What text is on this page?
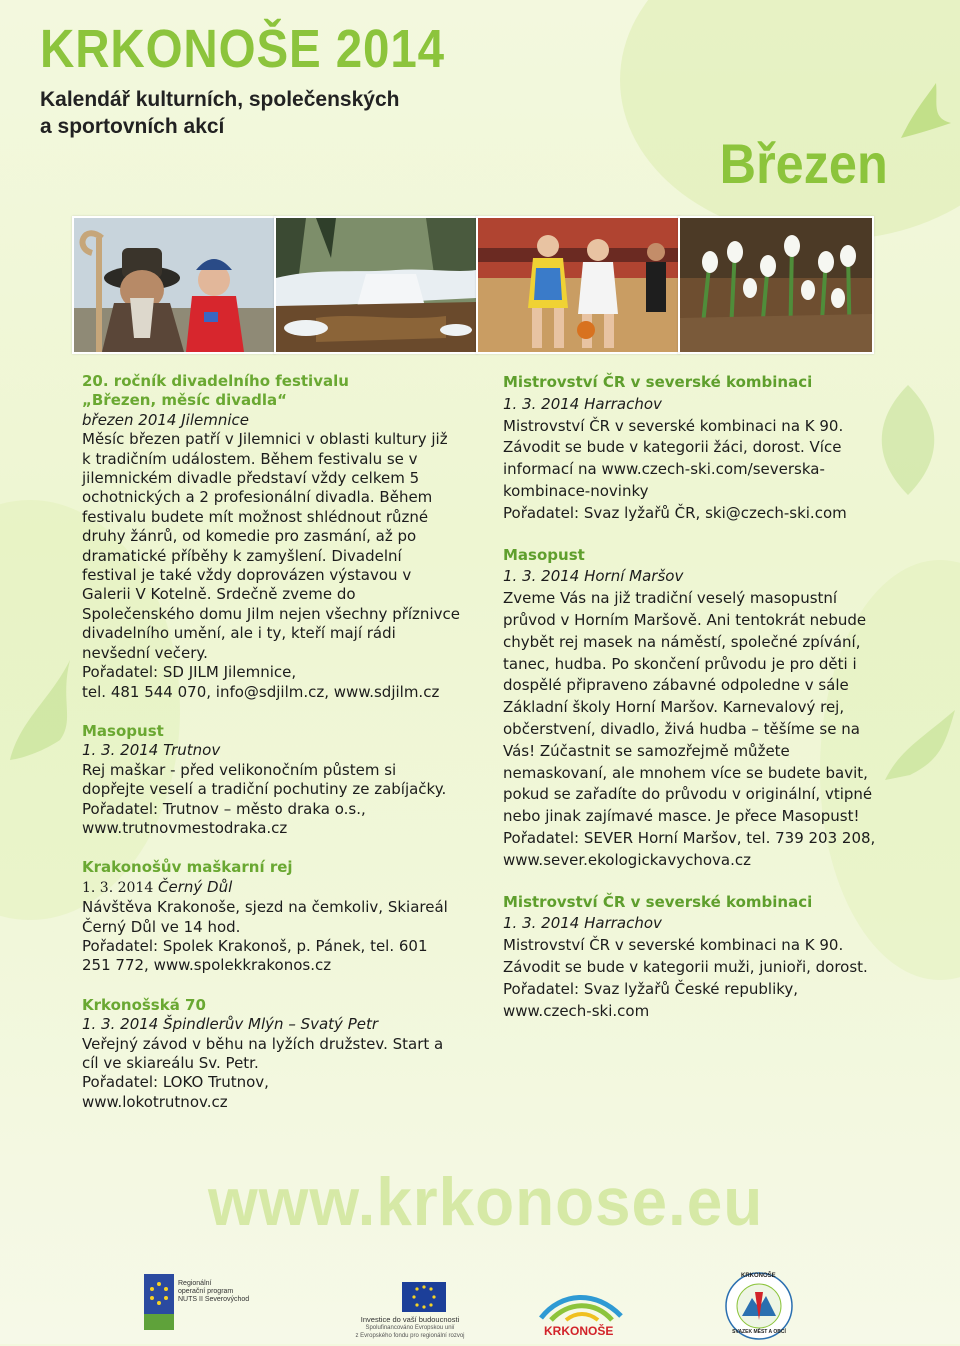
KRKONOŠE 2014
Kalendář kulturních, společenských
a sportovních akcí
Březen
20. ročník divadelního festivalu
„Březen, měsíc divadla“
březen 2014 Jilemnice
Měsíc březen patří v Jilemnici v oblasti kultury již k tradičním událostem. Během festivalu se v jilemnickém divadle představí vždy celkem 5 ochotnických a 2 profesionální divadla. Během festivalu budete mít možnost shlédnout různé druhy žánrů, od komedie pro zasmání, až po dramatické příběhy k zamyšlení. Divadelní festival je také vždy doprovázen výstavou v Galerii V Kotelně. Srdečně zveme do Společenského domu Jilm nejen všechny příznivce divadelního umění, ale i ty, kteří mají rádi nevšední večery.
Pořadatel: SD JILM Jilemnice,
tel. 481 544 070, info@sdjilm.cz, www.sdjilm.cz
Masopust
1. 3. 2014 Trutnov
Rej maškar - před velikonočním půstem si dopřejte veselí a tradiční pochutiny ze zabíjačky.
Pořadatel: Trutnov – město draka o.s.,
www.trutnovmestodraka.cz
Krakonošův maškarní rej
1. 3. 2014 Černý Důl
Návštěva Krakonoše, sjezd na čemkoliv, Skiareál Černý Důl ve 14 hod.
Pořadatel: Spolek Krakonoš, p. Pánek, tel. 601 251 772, www.spolekkrakonos.cz
Krkonošská 70
1. 3. 2014 Špindlerův Mlýn – Svatý Petr
Veřejný závod v běhu na lyžích družstev. Start a cíl ve skiareálu Sv. Petr.
Pořadatel: LOKO Trutnov,
www.lokotrutnov.cz
Mistrovství ČR v severské kombinaci
1. 3. 2014 Harrachov
Mistrovství ČR v severské kombinaci na K 90. Závodit se bude v kategorii žáci, dorost. Více informací na www.czech-ski.com/severska-kombinace-novinky
Pořadatel: Svaz lyžařů ČR, ski@czech-ski.com
Masopust
1. 3. 2014 Horní Maršov
Zveme Vás na již tradiční veselý masopustní průvod v Horním Maršově. Ani tentokrát nebude chybět rej masek na náměstí, společné zpívání, tanec, hudba. Po skončení průvodu je pro děti i dospělé připraveno zábavné odpoledne v sále Základní školy Horní Maršov. Karnevalový rej, občerstvení, divadlo, živá hudba – těšíme se na Vás! Zúčastnit se samozřejmě můžete nemaskovaní, ale mnohem více se budete bavit, pokud se zařadíte do průvodu v originální, vtipné nebo jinak zajímavé masce. Je přece Masopust!
Pořadatel: SEVER Horní Maršov, tel. 739 203 208, www.sever.ekologickavychova.cz
Mistrovství ČR v severské kombinaci
1. 3. 2014 Harrachov
Mistrovství ČR v severské kombinaci na K 90. Závodit se bude v kategorii muži, junioři, dorost.
Pořadatel: Svaz lyžařů České republiky,
www.czech-ski.com
www.krkonose.eu
Regionální
operační program
NUTS II Severovýchod
Investice do vaší budoucnosti
Spolufinancováno Evropskou unií
z Evropského fondu pro regionální rozvoj	KRKONOŠE
KRKONOŠE
SVAZEK MĚST A OBCÍ
